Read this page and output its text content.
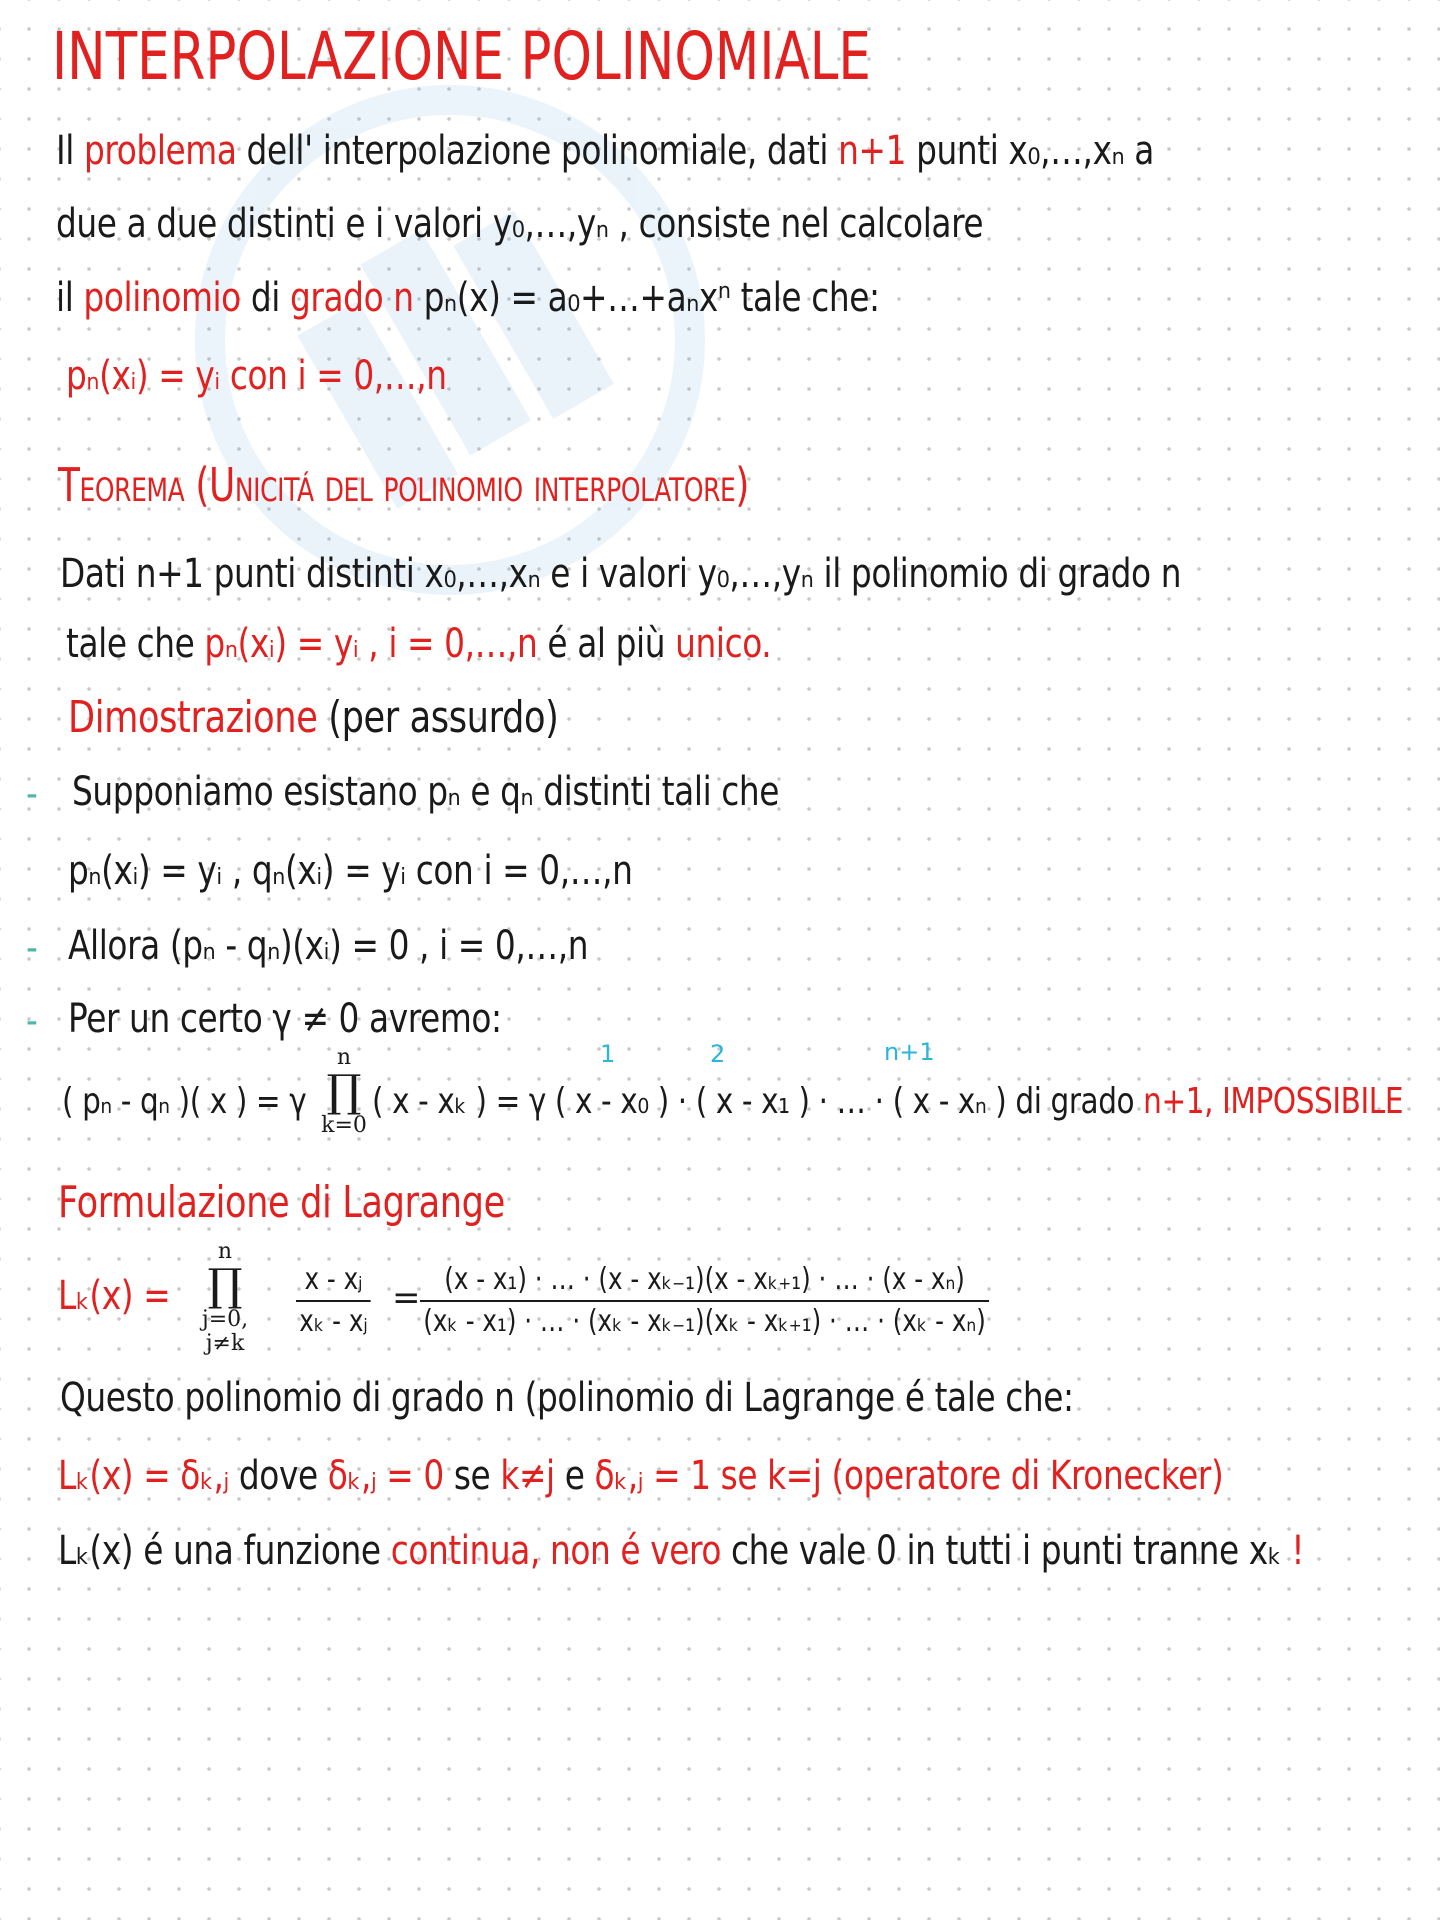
INTERPOLAZIONE POLINOMIALE
Il problema dell' interpolazione polinomiale, dati n+1 punti x₀,…,xₙ a
due a due distinti e i valori y₀,…,yₙ , consiste nel calcolare
il polinomio di grado n pₙ(x) = a₀+…+aₙxⁿ tale che:
pₙ(xᵢ) = yᵢ con i = 0,…,n
Teorema (Unicitá del polinomio interpolatore)
Dati n+1 punti distinti x₀,…,xₙ e i valori y₀,…,yₙ il polinomio di grado n
tale che pₙ(xᵢ) = yᵢ , i = 0,…,n é al più unico.
Dimostrazione (per assurdo)
- Supponiamo esistano pₙ e qₙ distinti tali che
pₙ(xᵢ) = yᵢ , qₙ(xᵢ) = yᵢ con i = 0,…,n
- Allora (pₙ - qₙ)(xᵢ) = 0 , i = 0,…,n
- Per un certo γ ≠ 0 avremo:
1	2	n+1
( pₙ - qₙ )( x ) = γ
n
∏
k=0
( x - xₖ ) = γ ( x - x₀ ) · ( x - x₁ ) · … · ( x - xₙ ) di grado n+1, IMPOSSIBILE
Formulazione di Lagrange
Lₖ(x) =
n
∏
j=0, j≠k
$\frac{\text{x - xⱼ}}{\text{xₖ - xⱼ}} = \frac{\text{(x - x₁) · … · (x - xₖ₋₁)(x - xₖ₊₁) · … · (x - xₙ)}}{\text{(xₖ - x₁) · … · (xₖ - xₖ₋₁)(xₖ - xₖ₊₁) · … · (xₖ - xₙ)}}$
Questo polinomio di grado n (polinomio di Lagrange é tale che:
Lₖ(x) = δₖ,ⱼ dove δₖ,ⱼ = 0 se k≠j e δₖ,ⱼ = 1 se k=j (operatore di Kronecker)
Lₖ(x) é una funzione continua, non é vero che vale 0 in tutti i punti tranne xₖ !
